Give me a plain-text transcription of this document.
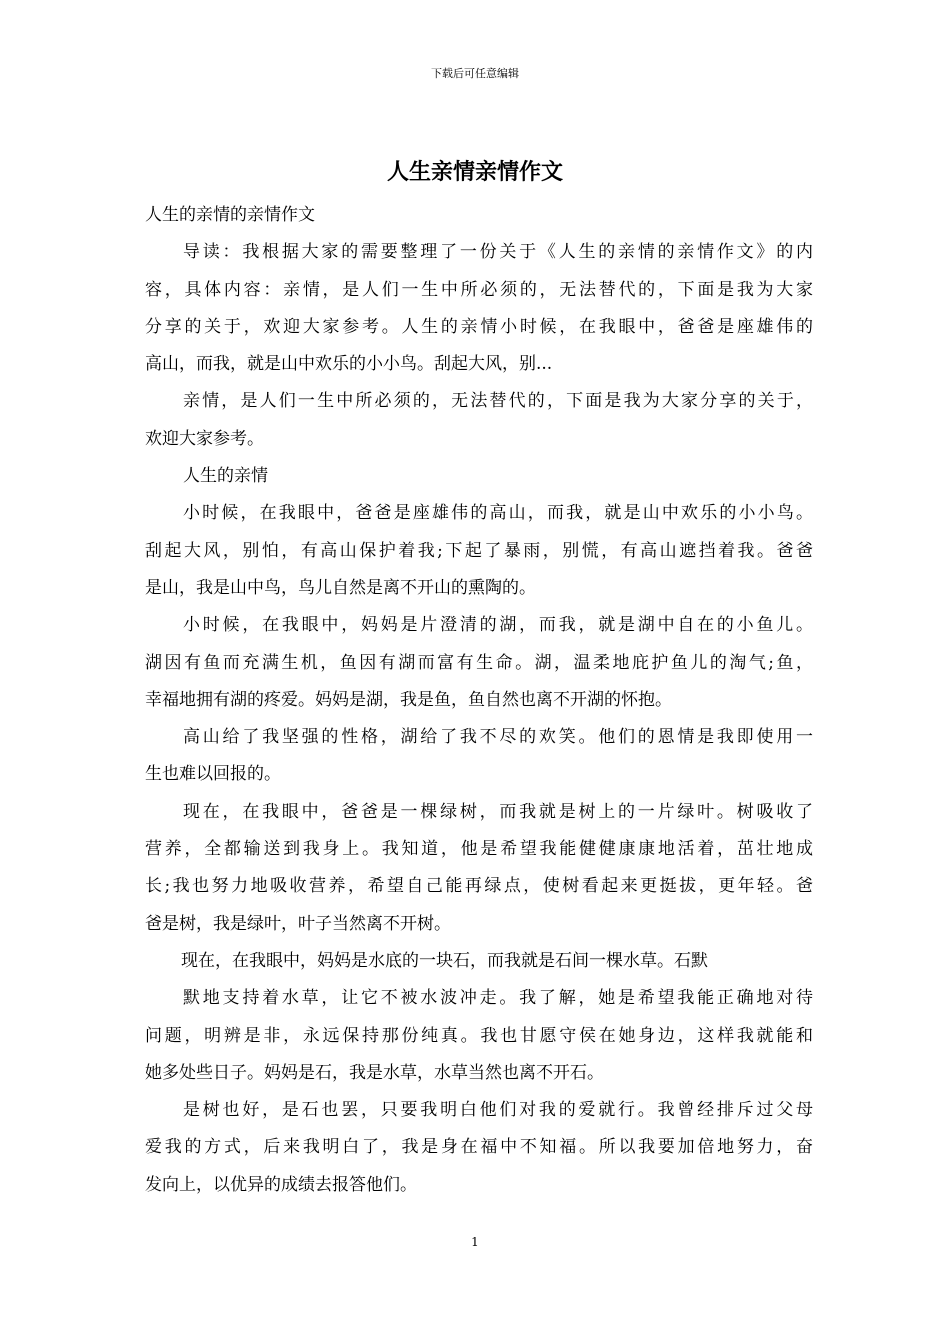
下载后可任意编辑
人生亲情亲情作文
人生的亲情的亲情作文
导读：我根据大家的需要整理了一份关于《人生的亲情的亲情作文》的内
容，具体内容：亲情，是人们一生中所必须的，无法替代的，下面是我为大家
分享的关于，欢迎大家参考。人生的亲情小时候，在我眼中，爸爸是座雄伟的
高山，而我，就是山中欢乐的小小鸟。刮起大风，别...
亲情，是人们一生中所必须的，无法替代的，下面是我为大家分享的关于，
欢迎大家参考。
人生的亲情
小时候，在我眼中，爸爸是座雄伟的高山，而我，就是山中欢乐的小小鸟。
刮起大风，别怕，有高山保护着我;下起了暴雨，别慌，有高山遮挡着我。爸爸
是山，我是山中鸟，鸟儿自然是离不开山的熏陶的。
小时候，在我眼中，妈妈是片澄清的湖，而我，就是湖中自在的小鱼儿。
湖因有鱼而充满生机，鱼因有湖而富有生命。湖，温柔地庇护鱼儿的淘气;鱼，
幸福地拥有湖的疼爱。妈妈是湖，我是鱼，鱼自然也离不开湖的怀抱。
高山给了我坚强的性格，湖给了我不尽的欢笑。他们的恩情是我即使用一
生也难以回报的。
现在，在我眼中，爸爸是一棵绿树，而我就是树上的一片绿叶。树吸收了
营养，全都输送到我身上。我知道，他是希望我能健健康康地活着，茁壮地成
长;我也努力地吸收营养，希望自己能再绿点，使树看起来更挺拔，更年轻。爸
爸是树，我是绿叶，叶子当然离不开树。
现在，在我眼中，妈妈是水底的一块石，而我就是石间一棵水草。石默
默地支持着水草，让它不被水波冲走。我了解，她是希望我能正确地对待
问题，明辨是非，永远保持那份纯真。我也甘愿守侯在她身边，这样我就能和
她多处些日子。妈妈是石，我是水草，水草当然也离不开石。
是树也好，是石也罢，只要我明白他们对我的爱就行。我曾经排斥过父母
爱我的方式，后来我明白了，我是身在福中不知福。所以我要加倍地努力，奋
发向上，以优异的成绩去报答他们。
1
